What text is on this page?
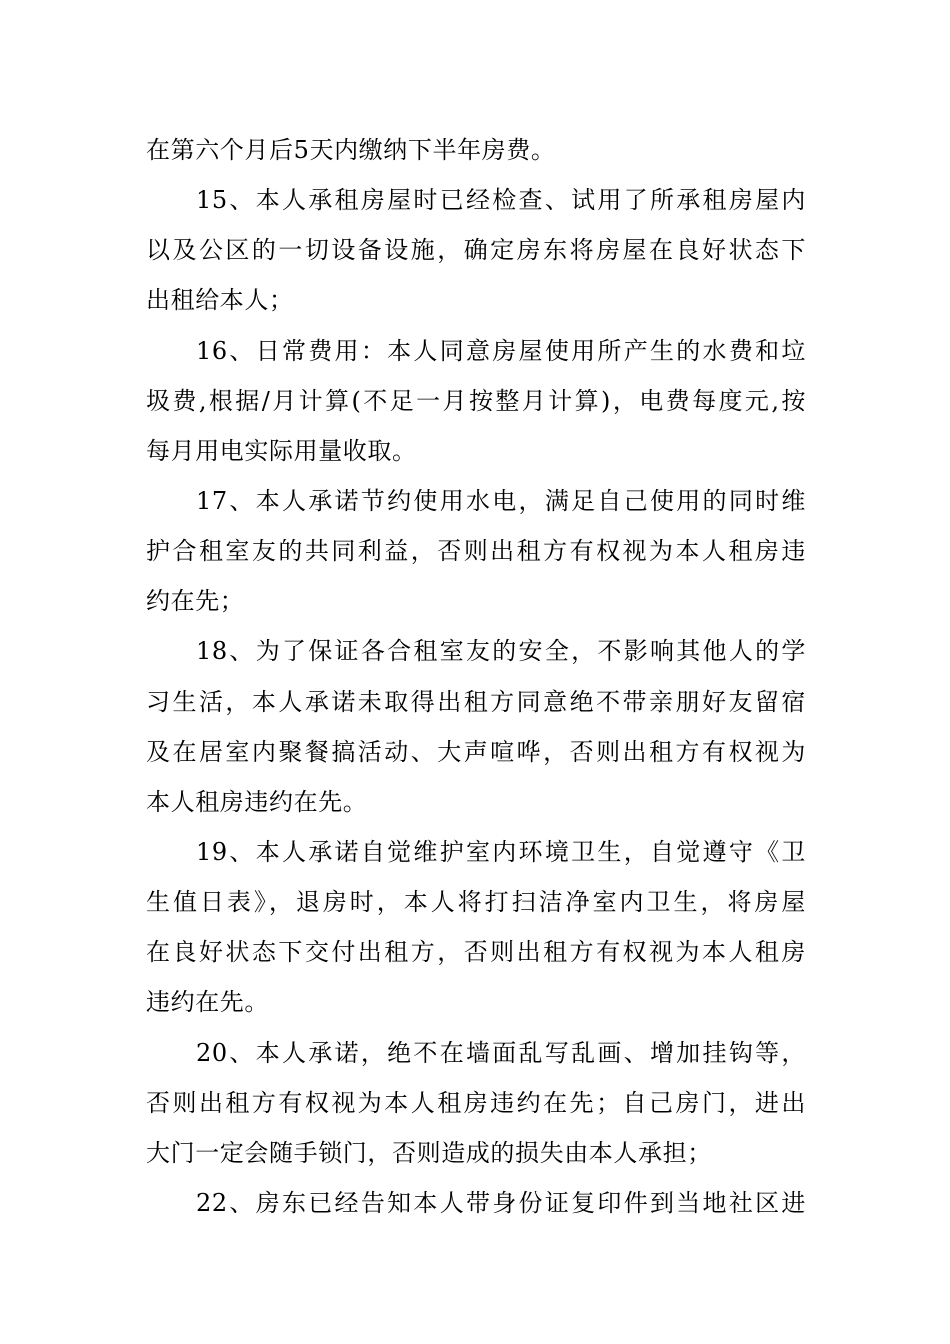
在第六个月后5天内缴纳下半年房费。
15、本人承租房屋时已经检查、试用了所承租房屋内
以及公区的一切设备设施，确定房东将房屋在良好状态下
出租给本人；
16、日常费用：本人同意房屋使用所产生的水费和垃
圾费,根据/月计算(不足一月按整月计算)，电费每度元,按
每月用电实际用量收取。
17、本人承诺节约使用水电，满足自己使用的同时维
护合租室友的共同利益，否则出租方有权视为本人租房违
约在先；
18、为了保证各合租室友的安全，不影响其他人的学
习生活，本人承诺未取得出租方同意绝不带亲朋好友留宿
及在居室内聚餐搞活动、大声喧哗，否则出租方有权视为
本人租房违约在先。
19、本人承诺自觉维护室内环境卫生，自觉遵守《卫
生值日表》，退房时，本人将打扫洁净室内卫生，将房屋
在良好状态下交付出租方，否则出租方有权视为本人租房
违约在先。
20、本人承诺，绝不在墙面乱写乱画、增加挂钩等，
否则出租方有权视为本人租房违约在先；自己房门，进出
大门一定会随手锁门，否则造成的损失由本人承担；
22、房东已经告知本人带身份证复印件到当地社区进
